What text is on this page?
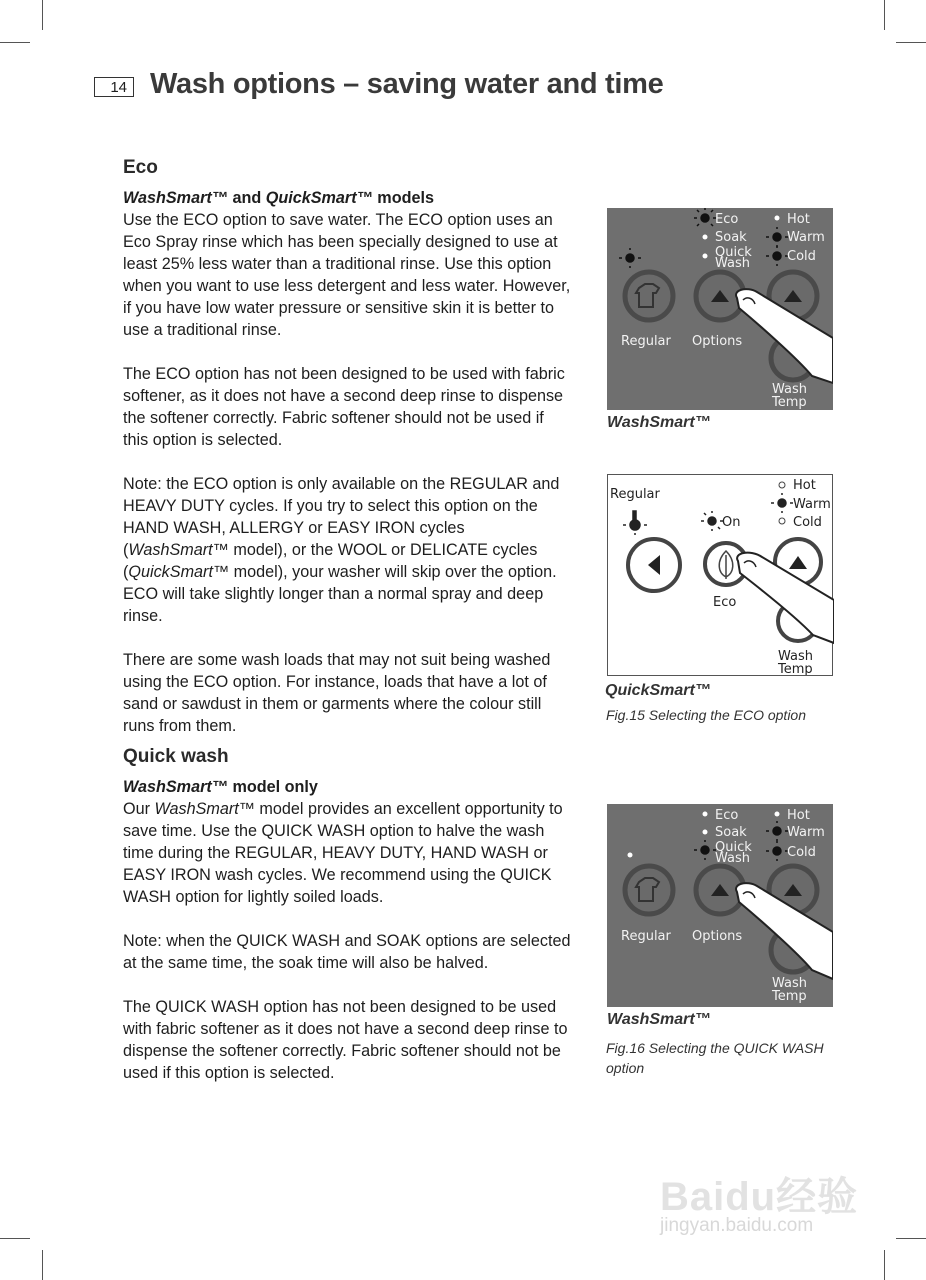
14 Wash options – saving water and time
Eco
WashSmart™ and QuickSmart™ models

Use the ECO option to save water. The ECO option uses an Eco Spray rinse which has been specially designed to use at least 25% less water than a traditional rinse. Use this option when you want to use less detergent and less water. However, if you have low water pressure or sensitive skin it is better to use a traditional rinse.

The ECO option has not been designed to be used with fabric softener, as it does not have a second deep rinse to dispense the softener correctly. Fabric softener should not be used if this option is selected.

Note: the ECO option is only available on the REGULAR and HEAVY DUTY cycles. If you try to select this option on the HAND WASH, ALLERGY or EASY IRON cycles (WashSmart™ model), or the WOOL or DELICATE cycles (QuickSmart™ model), your washer will skip over the option. ECO will take slightly longer than a normal spray and deep rinse.

There are some wash loads that may not suit being washed using the ECO option. For instance, loads that have a lot of sand or sawdust in them or garments where the colour still runs from them.

Quick wash
WashSmart™ model only

Our WashSmart™ model provides an excellent opportunity to save time. Use the QUICK WASH option to halve the wash time during the REGULAR, HEAVY DUTY, HAND WASH or EASY IRON wash cycles. We recommend using the QUICK WASH option for lightly soiled loads.

Note: when the QUICK WASH and SOAK options are selected at the same time, the soak time will also be halved.

The QUICK WASH option has not been designed to be used with fabric softener as it does not have a second deep rinse to dispense the softener correctly. Fabric softener should not be used if this option is selected.

Eco
Soak
Quick
Wash
Hot
Warm
Cold
Regular Options
Wash
Temp
WashSmart™
Regular
On
Eco
Hot
Warm
Cold
Wash
Temp
QuickSmart™
Fig.15 Selecting the ECO option
Eco
Soak
Quick
Wash
Hot
Warm
Cold
Regular Options
Wash
Temp
WashSmart™
Fig.16 Selecting the QUICK WASH option
Baidu经验
jingyan.baidu.com
